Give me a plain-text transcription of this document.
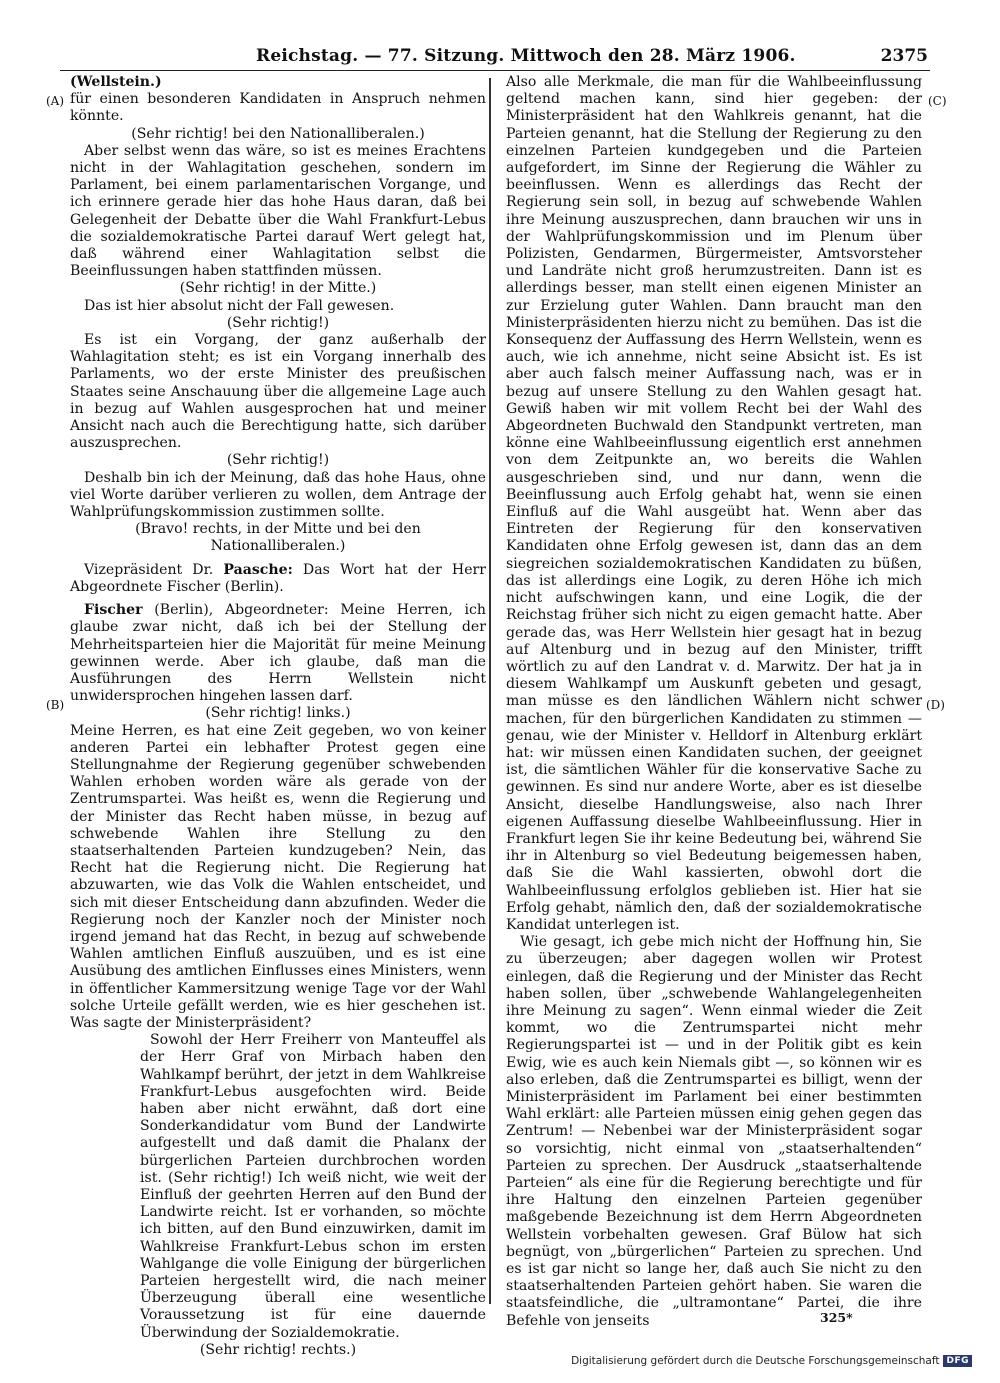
Reichstag. — 77. Sitzung. Mittwoch den 28. März 1906.	2375
(A)
(B)
(C)
(D)

(Wellstein.)

für einen besonderen Kandidaten in Anspruch nehmen könnte.

(Sehr richtig! bei den Nationalliberalen.)

Aber selbst wenn das wäre, so ist es meines Erachtens nicht in der Wahlagitation geschehen, sondern im Parlament, bei einem parlamentarischen Vorgange, und ich erinnere gerade hier das hohe Haus daran, daß bei Gelegenheit der Debatte über die Wahl Frankfurt-Lebus die sozialdemokratische Partei darauf Wert gelegt hat, daß während einer Wahlagitation selbst die Beeinflussungen haben stattfinden müssen.

(Sehr richtig! in der Mitte.)

Das ist hier absolut nicht der Fall gewesen.

(Sehr richtig!)

Es ist ein Vorgang, der ganz außerhalb der Wahlagitation steht; es ist ein Vorgang innerhalb des Parlaments, wo der erste Minister des preußischen Staates seine Anschauung über die allgemeine Lage auch in bezug auf Wahlen ausgesprochen hat und meiner Ansicht nach auch die Berechtigung hatte, sich darüber auszusprechen.

(Sehr richtig!)

Deshalb bin ich der Meinung, daß das hohe Haus, ohne viel Worte darüber verlieren zu wollen, dem Antrage der Wahlprüfungskommission zustimmen sollte.

(Bravo! rechts, in der Mitte und bei den Nationalliberalen.)

Vizepräsident Dr. Paasche: Das Wort hat der Herr Abgeordnete Fischer (Berlin).

Fischer (Berlin), Abgeordneter: Meine Herren, ich glaube zwar nicht, daß ich bei der Stellung der Mehrheitsparteien hier die Majorität für meine Meinung gewinnen werde. Aber ich glaube, daß man die Ausführungen des Herrn Wellstein nicht unwidersprochen hingehen lassen darf.

(Sehr richtig! links.)

Meine Herren, es hat eine Zeit gegeben, wo von keiner anderen Partei ein lebhafter Protest gegen eine Stellungnahme der Regierung gegenüber schwebenden Wahlen erhoben worden wäre als gerade von der Zentrumspartei. Was heißt es, wenn die Regierung und der Minister das Recht haben müsse, in bezug auf schwebende Wahlen ihre Stellung zu den staatserhaltenden Parteien kundzugeben? Nein, das Recht hat die Regierung nicht. Die Regierung hat abzuwarten, wie das Volk die Wahlen entscheidet, und sich mit dieser Entscheidung dann abzufinden. Weder die Regierung noch der Kanzler noch der Minister noch irgend jemand hat das Recht, in bezug auf schwebende Wahlen amtlichen Einfluß auszuüben, und es ist eine Ausübung des amtlichen Einflusses eines Ministers, wenn in öffentlicher Kammersitzung wenige Tage vor der Wahl solche Urteile gefällt werden, wie es hier geschehen ist. Was sagte der Ministerpräsident?

Sowohl der Herr Freiherr von Manteuffel als der Herr Graf von Mirbach haben den Wahlkampf berührt, der jetzt in dem Wahlkreise Frankfurt-Lebus ausgefochten wird. Beide haben aber nicht erwähnt, daß dort eine Sonderkandidatur vom Bund der Landwirte aufgestellt und daß damit die Phalanx der bürgerlichen Parteien durchbrochen worden ist. (Sehr richtig!) Ich weiß nicht, wie weit der Einfluß der geehrten Herren auf den Bund der Landwirte reicht. Ist er vorhanden, so möchte ich bitten, auf den Bund einzuwirken, damit im Wahlkreise Frankfurt-Lebus schon im ersten Wahlgange die volle Einigung der bürgerlichen Parteien hergestellt wird, die nach meiner Überzeugung überall eine wesentliche Voraussetzung ist für eine dauernde Überwindung der Sozialdemokratie.

(Sehr richtig! rechts.)

Also alle Merkmale, die man für die Wahlbeeinflussung geltend machen kann, sind hier gegeben: der Ministerpräsident hat den Wahlkreis genannt, hat die Parteien genannt, hat die Stellung der Regierung zu den einzelnen Parteien kundgegeben und die Parteien aufgefordert, im Sinne der Regierung die Wähler zu beeinflussen. Wenn es allerdings das Recht der Regierung sein soll, in bezug auf schwebende Wahlen ihre Meinung auszusprechen, dann brauchen wir uns in der Wahlprüfungskommission und im Plenum über Polizisten, Gendarmen, Bürgermeister, Amtsvorsteher und Landräte nicht groß herumzustreiten. Dann ist es allerdings besser, man stellt einen eigenen Minister an zur Erzielung guter Wahlen. Dann braucht man den Ministerpräsidenten hierzu nicht zu bemühen. Das ist die Konsequenz der Auffassung des Herrn Wellstein, wenn es auch, wie ich annehme, nicht seine Absicht ist. Es ist aber auch falsch meiner Auffassung nach, was er in bezug auf unsere Stellung zu den Wahlen gesagt hat. Gewiß haben wir mit vollem Recht bei der Wahl des Abgeordneten Buchwald den Standpunkt vertreten, man könne eine Wahlbeeinflussung eigentlich erst annehmen von dem Zeitpunkte an, wo bereits die Wahlen ausgeschrieben sind, und nur dann, wenn die Beeinflussung auch Erfolg gehabt hat, wenn sie einen Einfluß auf die Wahl ausgeübt hat. Wenn aber das Eintreten der Regierung für den konservativen Kandidaten ohne Erfolg gewesen ist, dann das an dem siegreichen sozialdemokratischen Kandidaten zu büßen, das ist allerdings eine Logik, zu deren Höhe ich mich nicht aufschwingen kann, und eine Logik, die der Reichstag früher sich nicht zu eigen gemacht hatte. Aber gerade das, was Herr Wellstein hier gesagt hat in bezug auf Altenburg und in bezug auf den Minister, trifft wörtlich zu auf den Landrat v. d. Marwitz. Der hat ja in diesem Wahlkampf um Auskunft gebeten und gesagt, man müsse es den ländlichen Wählern nicht schwer machen, für den bürgerlichen Kandidaten zu stimmen — genau, wie der Minister v. Helldorf in Altenburg erklärt hat: wir müssen einen Kandidaten suchen, der geeignet ist, die sämtlichen Wähler für die konservative Sache zu gewinnen. Es sind nur andere Worte, aber es ist dieselbe Ansicht, dieselbe Handlungsweise, also nach Ihrer eigenen Auffassung dieselbe Wahlbeeinflussung. Hier in Frankfurt legen Sie ihr keine Bedeutung bei, während Sie ihr in Altenburg so viel Bedeutung beigemessen haben, daß Sie die Wahl kassierten, obwohl dort die Wahlbeeinflussung erfolglos geblieben ist. Hier hat sie Erfolg gehabt, nämlich den, daß der sozialdemokratische Kandidat unterlegen ist.

Wie gesagt, ich gebe mich nicht der Hoffnung hin, Sie zu überzeugen; aber dagegen wollen wir Protest einlegen, daß die Regierung und der Minister das Recht haben sollen, über „schwebende Wahlangelegenheiten ihre Meinung zu sagen“. Wenn einmal wieder die Zeit kommt, wo die Zentrumspartei nicht mehr Regierungspartei ist — und in der Politik gibt es kein Ewig, wie es auch kein Niemals gibt —, so können wir es also erleben, daß die Zentrumspartei es billigt, wenn der Ministerpräsident im Parlament bei einer bestimmten Wahl erklärt: alle Parteien müssen einig gehen gegen das Zentrum! — Nebenbei war der Ministerpräsident sogar so vorsichtig, nicht einmal von „staatserhaltenden“ Parteien zu sprechen. Der Ausdruck „staatserhaltende Parteien“ als eine für die Regierung berechtigte und für ihre Haltung den einzelnen Parteien gegenüber maßgebende Bezeichnung ist dem Herrn Abgeordneten Wellstein vorbehalten gewesen. Graf Bülow hat sich begnügt, von „bürgerlichen“ Parteien zu sprechen. Und es ist gar nicht so lange her, daß auch Sie nicht zu den staatserhaltenden Parteien gehört haben. Sie waren die staatsfeindliche, die „ultramontane“ Partei, die ihre Befehle von jenseits	325*
Digitalisierung gefördert durch die Deutsche Forschungsgemeinschaft DFG
